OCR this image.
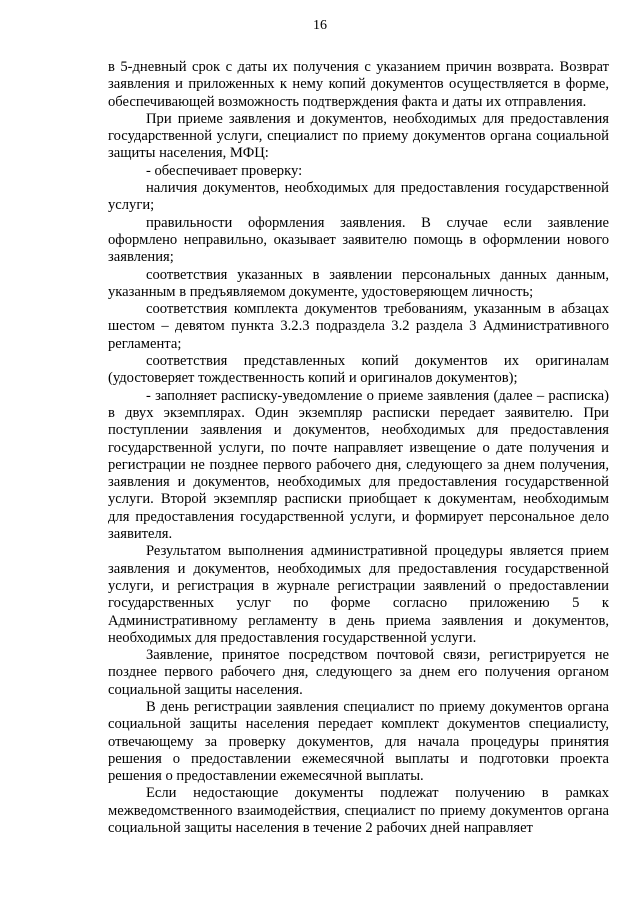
16

в 5-дневный срок с даты их получения с указанием причин возврата. Возврат заявления и приложенных к нему копий документов осуществляется в форме, обеспечивающей возможность подтверждения факта и даты их отправления.

При приеме заявления и документов, необходимых для предоставления государственной услуги, специалист по приему документов органа социальной защиты населения, МФЦ:

- обеспечивает проверку:

наличия документов, необходимых для предоставления государственной услуги;

правильности оформления заявления. В случае если заявление оформлено неправильно, оказывает заявителю помощь в оформлении нового заявления;

соответствия указанных в заявлении персональных данных данным, указанным в предъявляемом документе, удостоверяющем личность;

соответствия комплекта документов требованиям, указанным в абзацах шестом – девятом пункта 3.2.3 подраздела 3.2 раздела 3 Административного регламента;

соответствия представленных копий документов их оригиналам (удостоверяет тождественность копий и оригиналов документов);

- заполняет расписку-уведомление о приеме заявления (далее – расписка) в двух экземплярах. Один экземпляр расписки передает заявителю. При поступлении заявления и документов, необходимых для предоставления государственной услуги, по почте направляет извещение о дате получения и регистрации не позднее первого рабочего дня, следующего за днем получения, заявления и документов, необходимых для предоставления государственной услуги. Второй экземпляр расписки приобщает к документам, необходимым для предоставления государственной услуги, и формирует персональное дело заявителя.

Результатом выполнения административной процедуры является прием заявления и документов, необходимых для предоставления государственной услуги, и регистрация в журнале регистрации заявлений о предоставлении государственных услуг по форме согласно приложению 5 к Административному регламенту в день приема заявления и документов, необходимых для предоставления государственной услуги.

Заявление, принятое посредством почтовой связи, регистрируется не позднее первого рабочего дня, следующего за днем его получения органом социальной защиты населения.

В день регистрации заявления специалист по приему документов органа социальной защиты населения передает комплект документов специалисту, отвечающему за проверку документов, для начала процедуры принятия решения о предоставлении ежемесячной выплаты и подготовки проекта решения о предоставлении ежемесячной выплаты.

Если недостающие документы подлежат получению в рамках межведомственного взаимодействия, специалист по приему документов органа социальной защиты населения в течение 2 рабочих дней направляет
